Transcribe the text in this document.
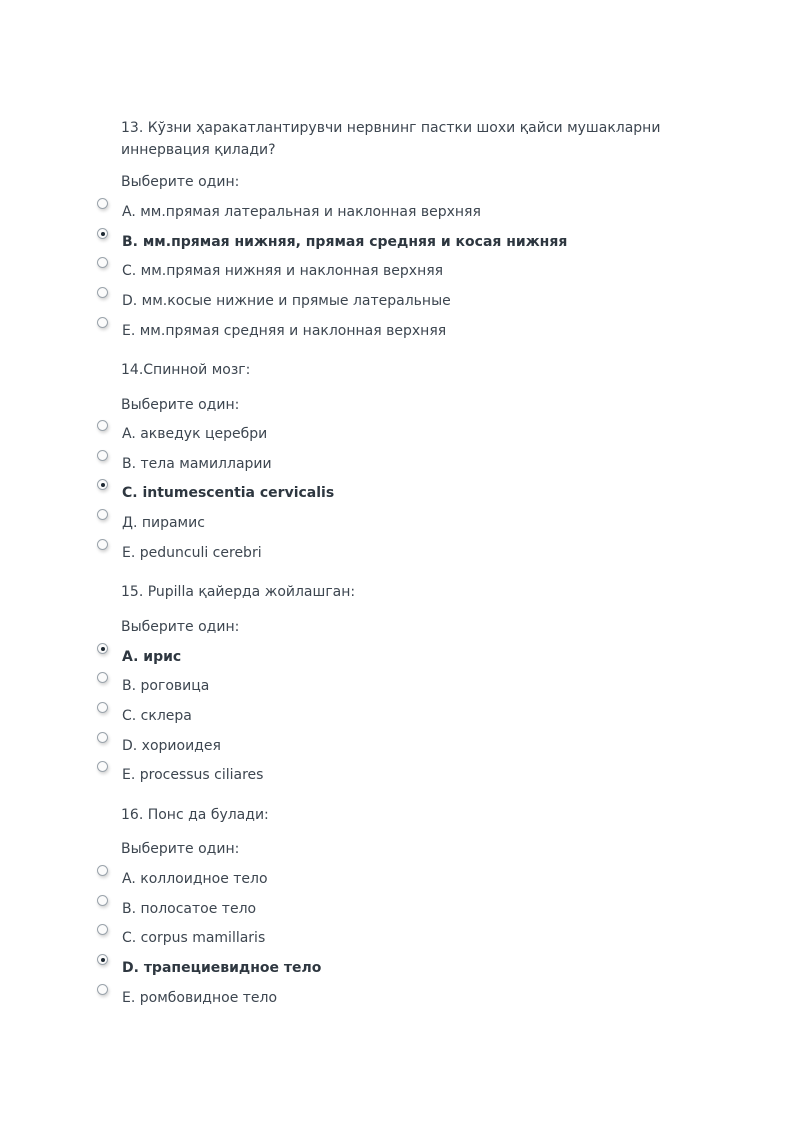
13. Кўзни ҳаракатлантирувчи нервнинг пастки шохи қайси мушакларни иннервация қилади?
Выберите один:
A. мм.прямая латеральная и наклонная верхняя
B. мм.прямая нижняя, прямая средняя и косая нижняя
C. мм.прямая нижняя и наклонная верхняя
D. мм.косые нижние и прямые латеральные
E. мм.прямая средняя и наклонная верхняя
14.Спинной мозг:
Выберите один:
A. акведук церебри
B. тела мамилларии
C. intumescentia cervicalis
Д. пирамис
E. pedunculi cerebri
15. Pupilla қайерда жойлашган:
Выберите один:
A. ирис
B. роговица
C. склера
D. хориоидея
E. processus ciliares
16. Понс да булади:
Выберите один:
A. коллоидное тело
B. полосатое тело
C. corpus mamillaris
D. трапециевидное тело
E. ромбовидное тело
